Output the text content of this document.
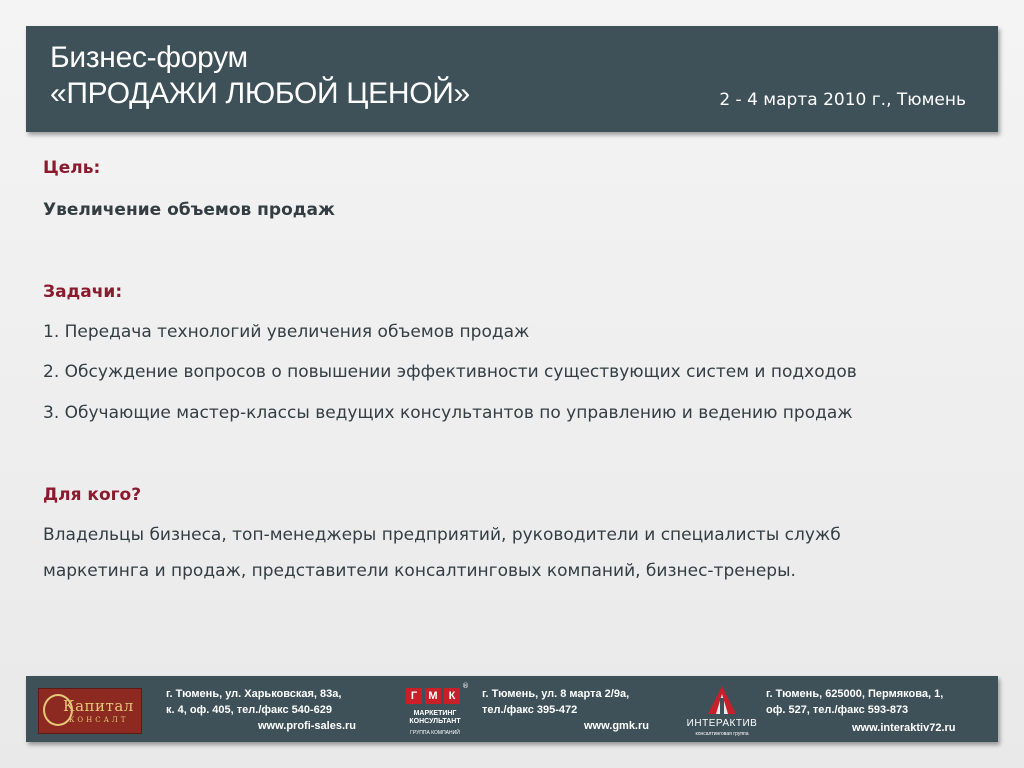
Бизнес-форум
«ПРОДАЖИ ЛЮБОЙ ЦЕНОЙ»	2 - 4 марта 2010 г., Тюмень
Цель:
Увеличение объемов продаж
Задачи:
1. Передача технологий увеличения объемов продаж
2. Обсуждение вопросов о повышении эффективности существующих систем и подходов
3. Обучающие мастер-классы ведущих консультантов по управлению и ведению продаж
Для кого?
Владельцы бизнеса, топ-менеджеры предприятий, руководители и специалисты служб
маркетинга и продаж, представители консалтинговых компаний, бизнес-тренеры.
Капитал
КОНСАЛТ
г. Тюмень, ул. Харьковская, 83а,
к. 4, оф. 405, тел./факс 540-629
www.profi-sales.ru
Г	М	К
®
МАРКЕТИНГ
КОНСУЛЬТАНТ
ГРУППА КОМПАНИЙ
г. Тюмень, ул. 8 марта 2/9а,
тел./факс 395-472
www.gmk.ru	ИНТЕРАКТИВ
консалтинговая группа
г. Тюмень, 625000, Пермякова, 1,
оф. 527, тел./факс 593-873
www.interaktiv72.ru
